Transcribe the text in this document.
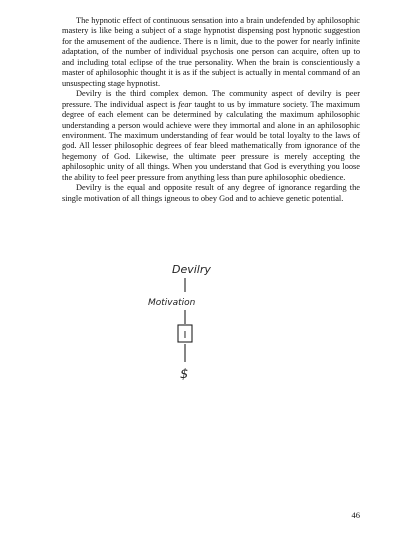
The hypnotic effect of continuous sensation into a brain undefended by aphilosophic mastery is like being a subject of a stage hypnotist dispensing post hypnotic suggestion for the amusement of the audience. There is n limit, due to the power for nearly infinite adaptation, of the number of individual psychosis one person can acquire, often up to and including total eclipse of the true personality. When the brain is conscientiously a master of aphilosophic thought it is as if the subject is actually in mental command of an unsuspecting stage hypnotist.

Devilry is the third complex demon. The community aspect of devilry is peer pressure. The individual aspect is fear taught to us by immature society. The maximum degree of each element can be determined by calculating the maximum aphilosophic understanding a person would achieve were they immortal and alone in an aphilosophic environment. The maximum understanding of fear would be total loyalty to the laws of god. All lesser philosophic degrees of fear bleed mathematically from ignorance of the hegemony of God. Likewise, the ultimate peer pressure is merely accepting the aphilosophic unity of all things. When you understand that God is everything you loose the ability to feel peer pressure from anything less than pure aphilosophic obedience.

Devilry is the equal and opposite result of any degree of ignorance regarding the single motivation of all things igneous to obey God and to achieve genetic potential.

Devilry
Motivation
I
$
46
